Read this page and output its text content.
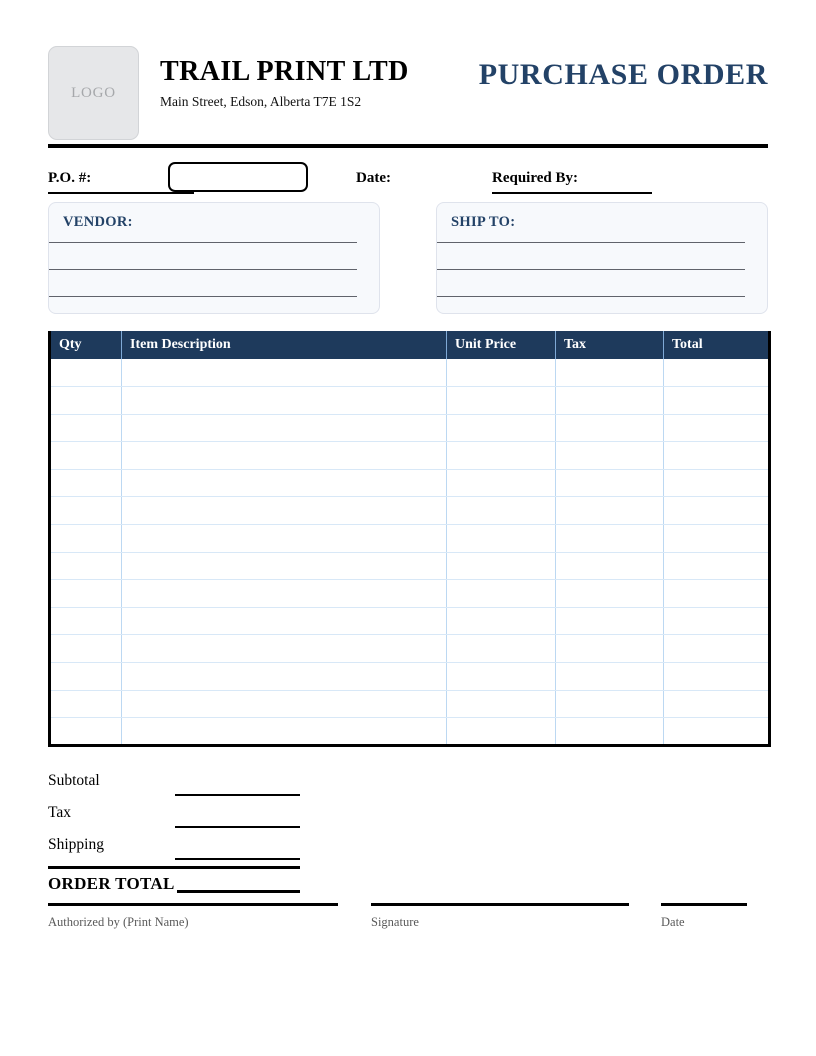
LOGO
TRAIL PRINT LTD
Main Street, Edson, Alberta T7E 1S2
PURCHASE ORDER
P.O. #:	Date:	Required By:
VENDOR:	SHIP TO:
Qty	Item Description	Unit Price	Tax	Total

Subtotal
Tax
Shipping
ORDER TOTAL
Authorized by (Print Name)	Signature	Date
